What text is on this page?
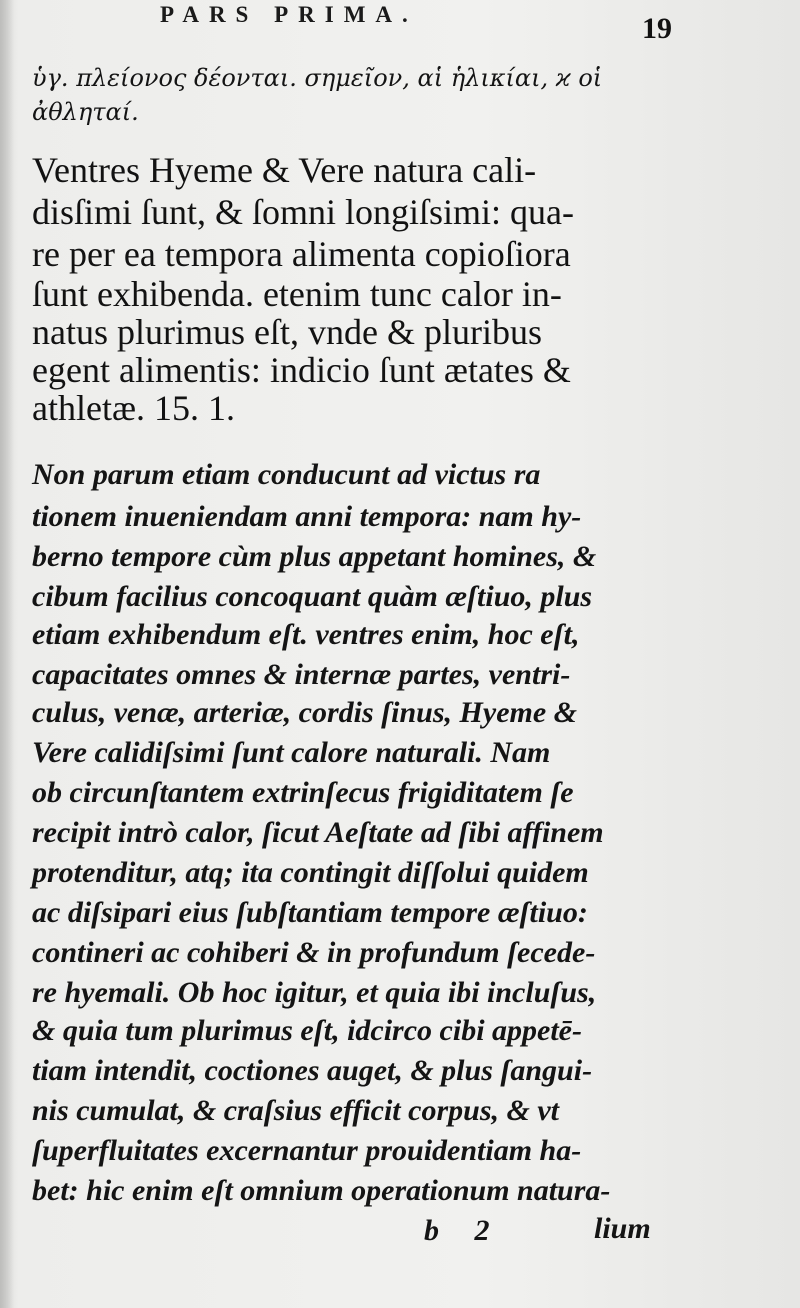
PARS PRIMA.	19
ὑγ. πλείονος δέονται. σημεῖον, αἱ ἡλικίαι, ϰ οἱ
ἀθληταί.
Ventres Hyeme & Vere natura cali-
disſimi ſunt, & ſomni longiſsimi: qua-
re per ea tempora alimenta copioſiora
ſunt exhibenda. etenim tunc calor in-
natus plurimus eſt, vnde & pluribus
egent alimentis: indicio ſunt ætates &
athletæ. 15. 1.
Non parum etiam conducunt ad victus ra
tionem inueniendam anni tempora: nam hy-
berno tempore cùm plus appetant homines, &
cibum facilius concoquant quàm æſtiuo, plus
etiam exhibendum eſt. ventres enim, hoc eſt,
capacitates omnes & internæ partes, ventri-
culus, venæ, arteriæ, cordis ſinus, Hyeme &
Vere calidiſsimi ſunt calore naturali. Nam
ob circunſtantem extrinſecus frigiditatem ſe
recipit intrò calor, ſicut Aeſtate ad ſibi affinem
protenditur, atq; ita contingit diſſolui quidem
ac diſsipari eius ſubſtantiam tempore æſtiuo:
contineri ac cohiberi & in profundum ſecede-
re hyemali. Ob hoc igitur, et quia ibi incluſus,
& quia tum plurimus eſt, idcirco cibi appetē-
tiam intendit, coctiones auget, & plus ſangui-
nis cumulat, & craſsius efficit corpus, & vt
ſuperfluitates excernantur prouidentiam ha-
bet: hic enim eſt omnium operationum natura-
b 2	lium
